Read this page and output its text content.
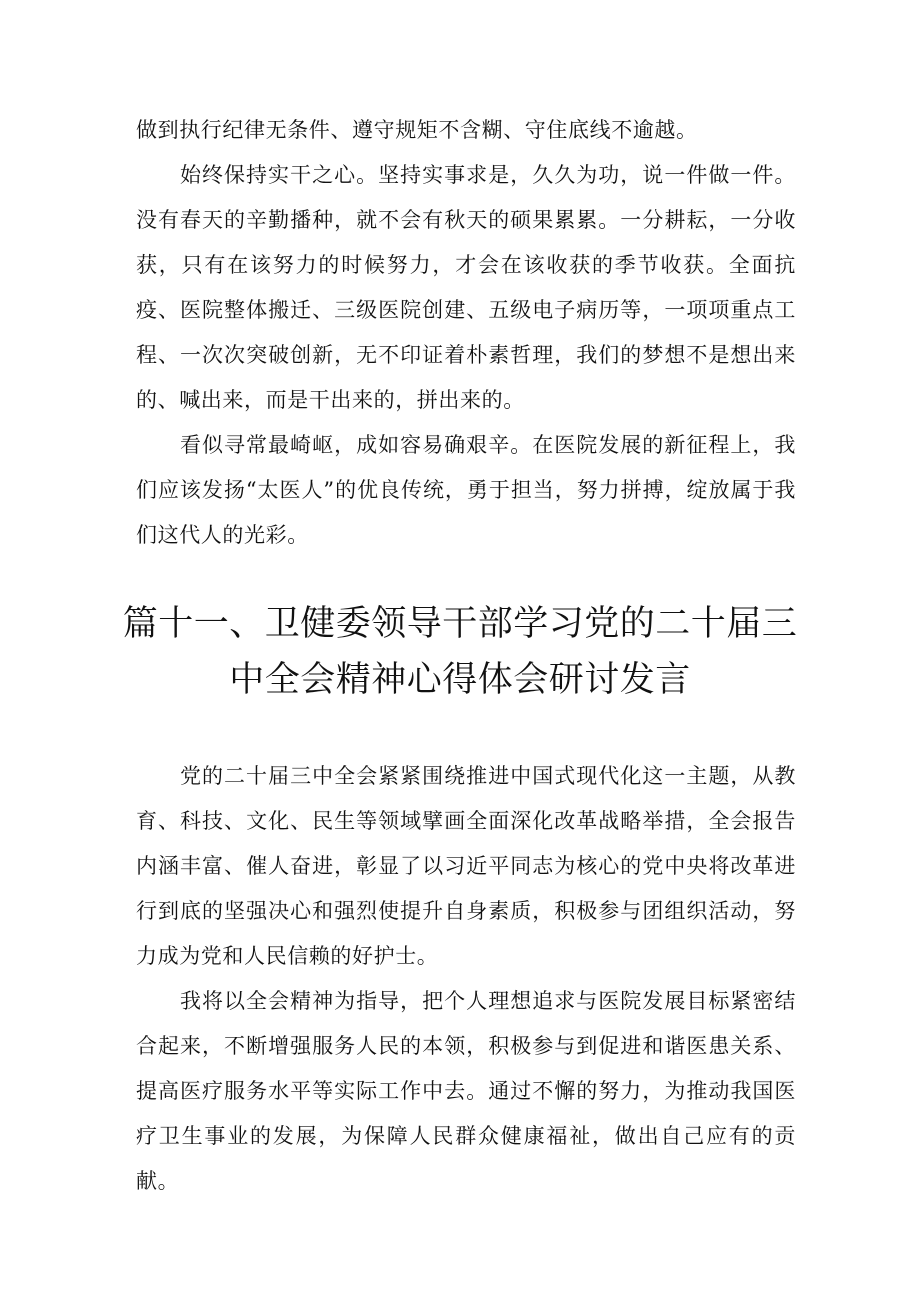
做到执行纪律无条件、遵守规矩不含糊、守住底线不逾越。

始终保持实干之心。坚持实事求是，久久为功，说一件做一件。没有春天的辛勤播种，就不会有秋天的硕果累累。一分耕耘，一分收获，只有在该努力的时候努力，才会在该收获的季节收获。全面抗疫、医院整体搬迁、三级医院创建、五级电子病历等，一项项重点工程、一次次突破创新，无不印证着朴素哲理，我们的梦想不是想出来的、喊出来，而是干出来的，拼出来的。

看似寻常最崎岖，成如容易确艰辛。在医院发展的新征程上，我们应该发扬“太医人”的优良传统，勇于担当，努力拼搏，绽放属于我们这代人的光彩。

篇十一、卫健委领导干部学习党的二十届三
中全会精神心得体会研讨发言

党的二十届三中全会紧紧围绕推进中国式现代化这一主题，从教育、科技、文化、民生等领域擘画全面深化改革战略举措，全会报告内涵丰富、催人奋进，彰显了以习近平同志为核心的党中央将改革进行到底的坚强决心和强烈使提升自身素质，积极参与团组织活动，努力成为党和人民信赖的好护士。

我将以全会精神为指导，把个人理想追求与医院发展目标紧密结合起来，不断增强服务人民的本领，积极参与到促进和谐医患关系、提高医疗服务水平等实际工作中去。通过不懈的努力，为推动我国医疗卫生事业的发展，为保障人民群众健康福祉，做出自己应有的贡献。
